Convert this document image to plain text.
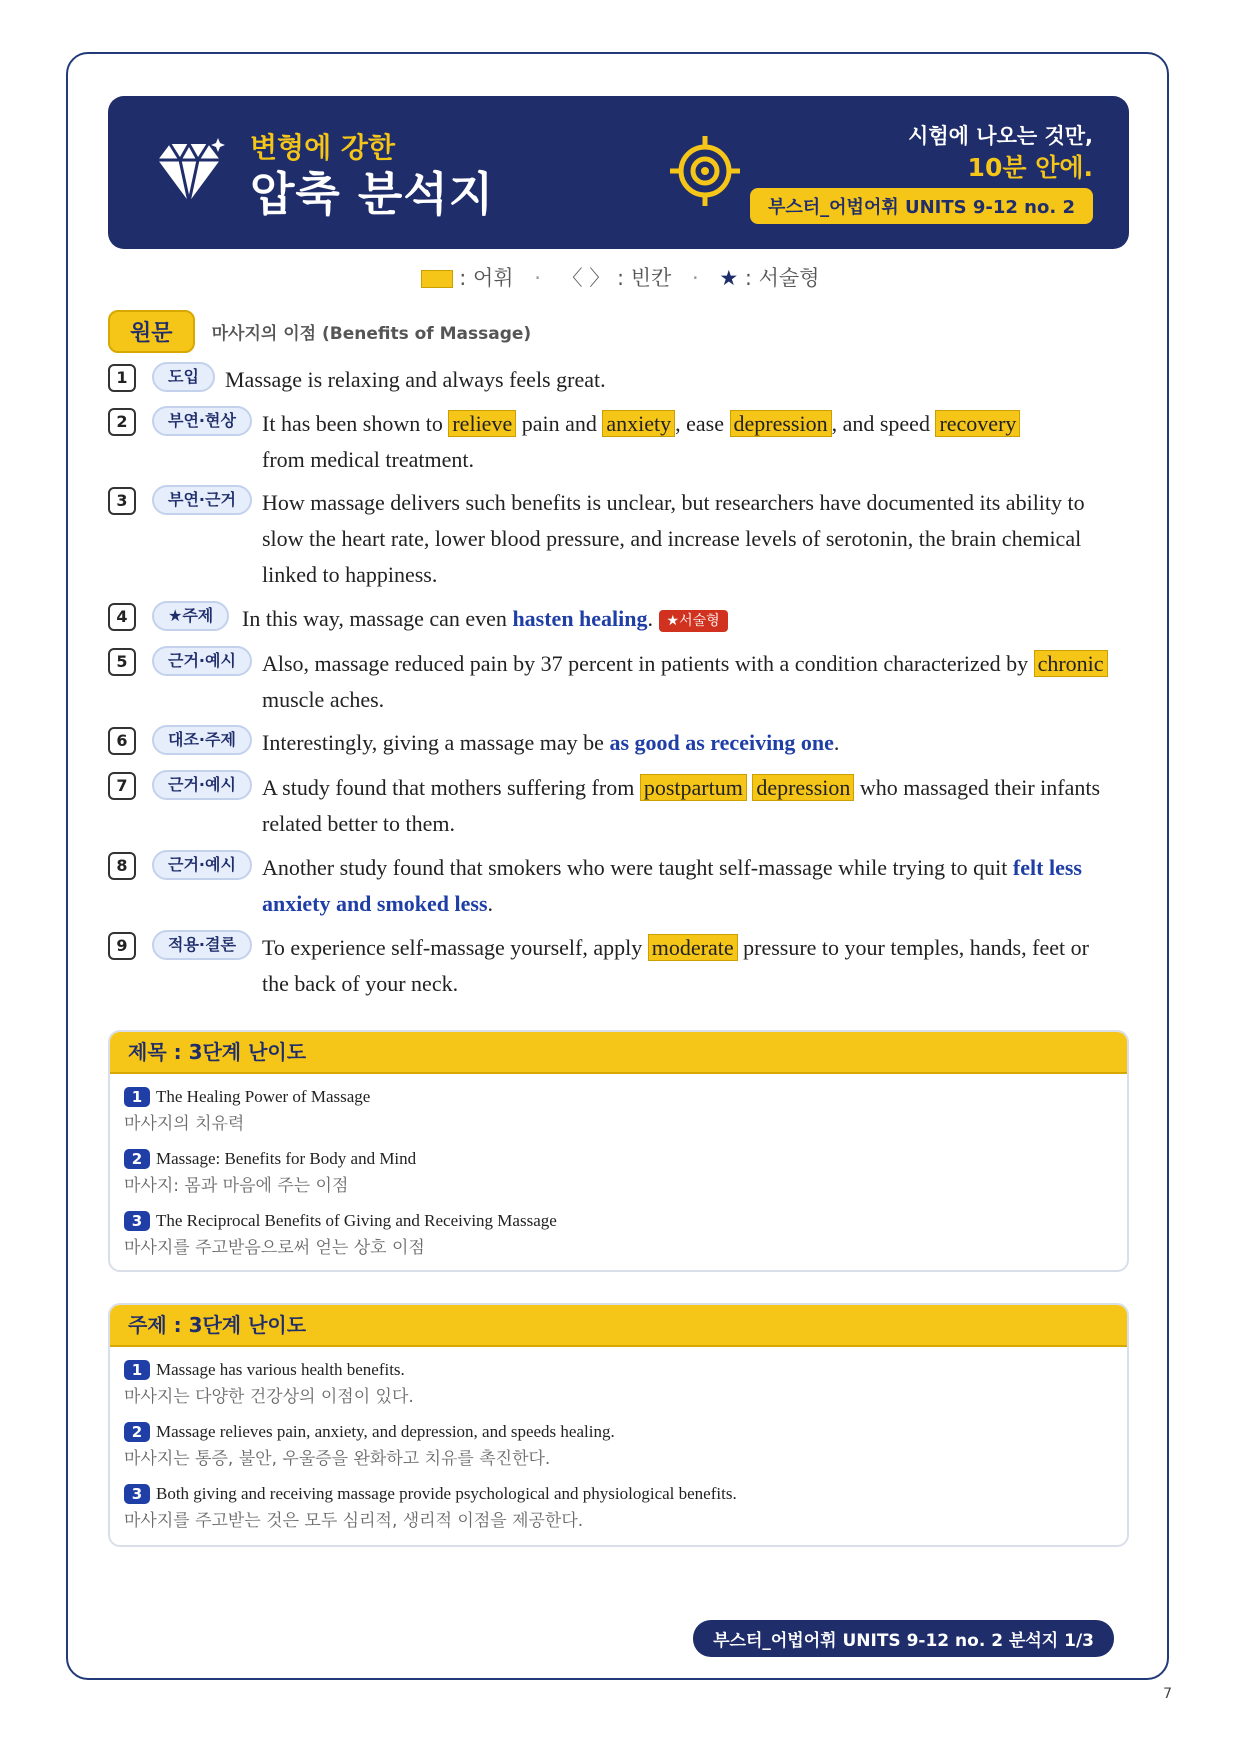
변형에 강한
압축 분석지
시험에 나오는 것만,
10분 안에.
부스터_어법어휘 UNITS 9-12 no. 2
: 어휘 · 〈 〉 : 빈칸 · ★ : 서술형
원문 마사지의 이점 (Benefits of Massage)
1	도입	Massage is relaxing and always feels great.
2	부연·현상	It has been shown to relieve pain and anxiety , ease depression , and speed recovery
from medical treatment.
3	부연·근거	How massage delivers such benefits is unclear, but researchers have documented its ability to slow the heart rate, lower blood pressure, and increase levels of serotonin, the brain chemical linked to happiness.
4	★주제	In this way, massage can even hasten healing. ★서술형
5	근거·예시	Also, massage reduced pain by 37 percent in patients with a condition characterized by chronic muscle aches.
6	대조·주제	Interestingly, giving a massage may be as good as receiving one.
7	근거·예시	A study found that mothers suffering from postpartum depression who massaged their infants related better to them.
8	근거·예시	Another study found that smokers who were taught self-massage while trying to quit felt less anxiety and smoked less.
9	적용·결론	To experience self-massage yourself, apply moderate pressure to your temples, hands, feet or the back of your neck.
제목 : 3단계 난이도
1 The Healing Power of Massage
마사지의 치유력
2 Massage: Benefits for Body and Mind
마사지: 몸과 마음에 주는 이점
3 The Reciprocal Benefits of Giving and Receiving Massage
마사지를 주고받음으로써 얻는 상호 이점
주제 : 3단계 난이도
1 Massage has various health benefits.
마사지는 다양한 건강상의 이점이 있다.
2 Massage relieves pain, anxiety, and depression, and speeds healing.
마사지는 통증, 불안, 우울증을 완화하고 치유를 촉진한다.
3 Both giving and receiving massage provide psychological and physiological benefits.
마사지를 주고받는 것은 모두 심리적, 생리적 이점을 제공한다.
부스터_어법어휘 UNITS 9-12 no. 2 분석지 1/3
7
